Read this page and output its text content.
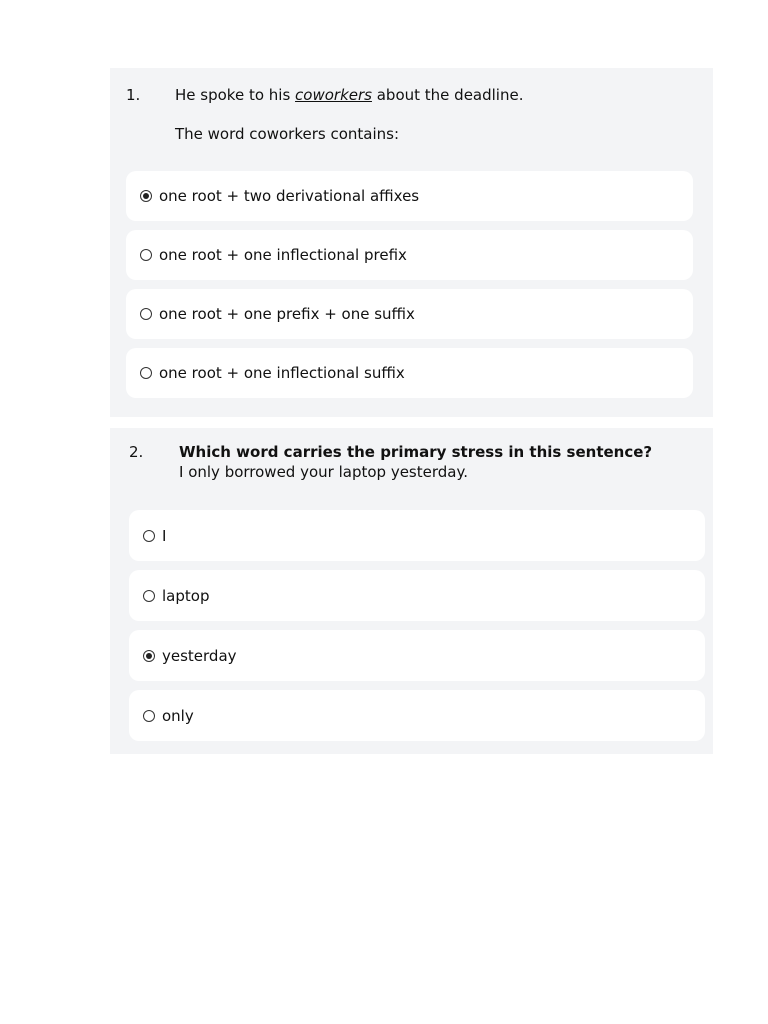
1. He spoke to his coworkers about the deadline.
The word coworkers contains:
one root + two derivational affixes
one root + one inflectional prefix
one root + one prefix + one suffix
one root + one inflectional suffix
2. Which word carries the primary stress in this sentence?
I only borrowed your laptop yesterday.
I
laptop
yesterday
only
